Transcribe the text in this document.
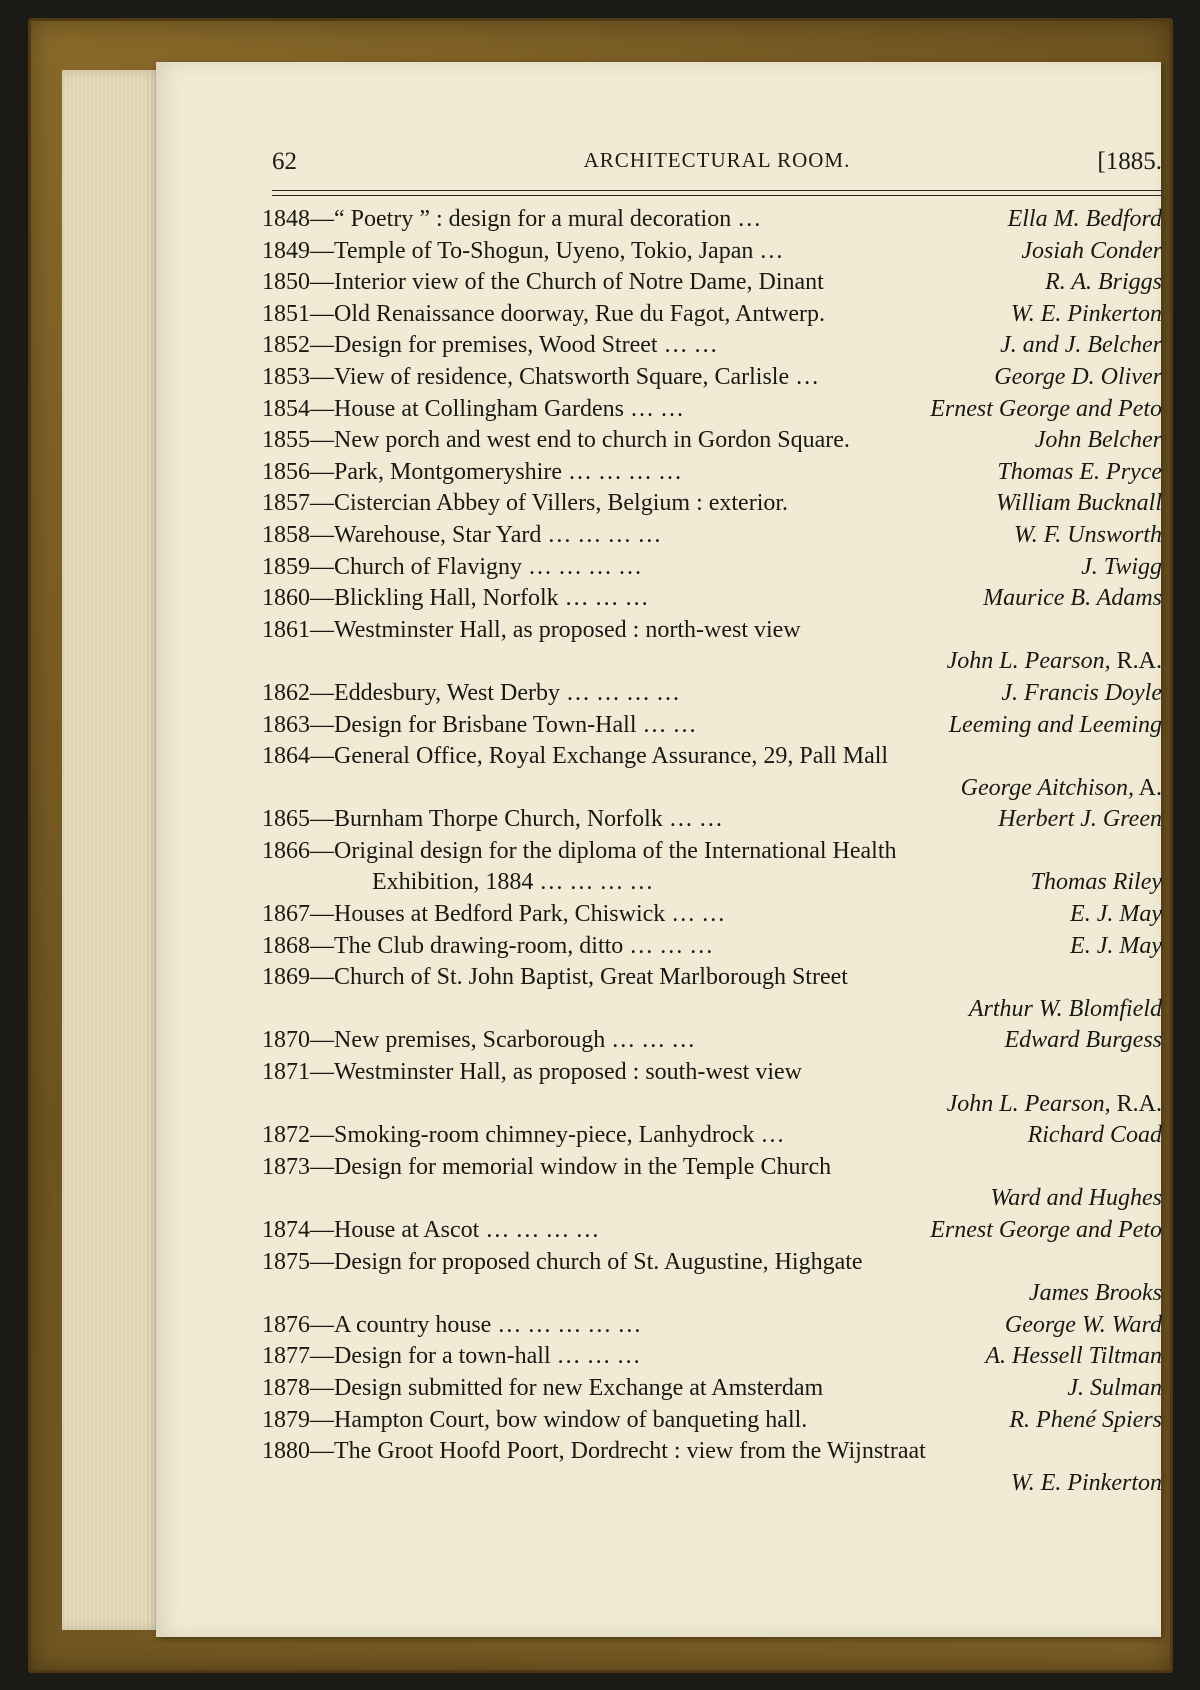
62	ARCHITECTURAL ROOM.	[1885.
1848—“ Poetry ” : design for a mural decoration …	Ella M. Bedford
1849—Temple of To-Shogun, Uyeno, Tokio, Japan …	Josiah Conder
1850—Interior view of the Church of Notre Dame, Dinant	R. A. Briggs
1851—Old Renaissance doorway, Rue du Fagot, Antwerp.	W. E. Pinkerton
1852—Design for premises, Wood Street … …	J. and J. Belcher
1853—View of residence, Chatsworth Square, Carlisle …	George D. Oliver
1854—House at Collingham Gardens … …	Ernest George and Peto
1855—New porch and west end to church in Gordon Square.	John Belcher
1856—Park, Montgomeryshire … … … …	Thomas E. Pryce
1857—Cistercian Abbey of Villers, Belgium : exterior.	William Bucknall
1858—Warehouse, Star Yard … … … …	W. F. Unsworth
1859—Church of Flavigny … … … …	J. Twigg
1860—Blickling Hall, Norfolk … … …	Maurice B. Adams
1861—Westminster Hall, as proposed : north-west view
John L. Pearson, R.A.
1862—Eddesbury, West Derby … … … …	J. Francis Doyle
1863—Design for Brisbane Town-Hall … …	Leeming and Leeming
1864—General Office, Royal Exchange Assurance, 29, Pall Mall
George Aitchison, A.
1865—Burnham Thorpe Church, Norfolk … …	Herbert J. Green
1866—Original design for the diploma of the International Health
Exhibition, 1884 … … … …	Thomas Riley
1867—Houses at Bedford Park, Chiswick … …	E. J. May
1868—The Club drawing-room, ditto … … …	E. J. May
1869—Church of St. John Baptist, Great Marlborough Street
Arthur W. Blomfield
1870—New premises, Scarborough … … …	Edward Burgess
1871—Westminster Hall, as proposed : south-west view
John L. Pearson, R.A.
1872—Smoking-room chimney-piece, Lanhydrock …	Richard Coad
1873—Design for memorial window in the Temple Church
Ward and Hughes
1874—House at Ascot … … … …	Ernest George and Peto
1875—Design for proposed church of St. Augustine, Highgate
James Brooks
1876—A country house … … … … …	George W. Ward
1877—Design for a town-hall … … …	A. Hessell Tiltman
1878—Design submitted for new Exchange at Amsterdam	J. Sulman
1879—Hampton Court, bow window of banqueting hall.	R. Phené Spiers
1880—The Groot Hoofd Poort, Dordrecht : view from the Wijnstraat
W. E. Pinkerton
